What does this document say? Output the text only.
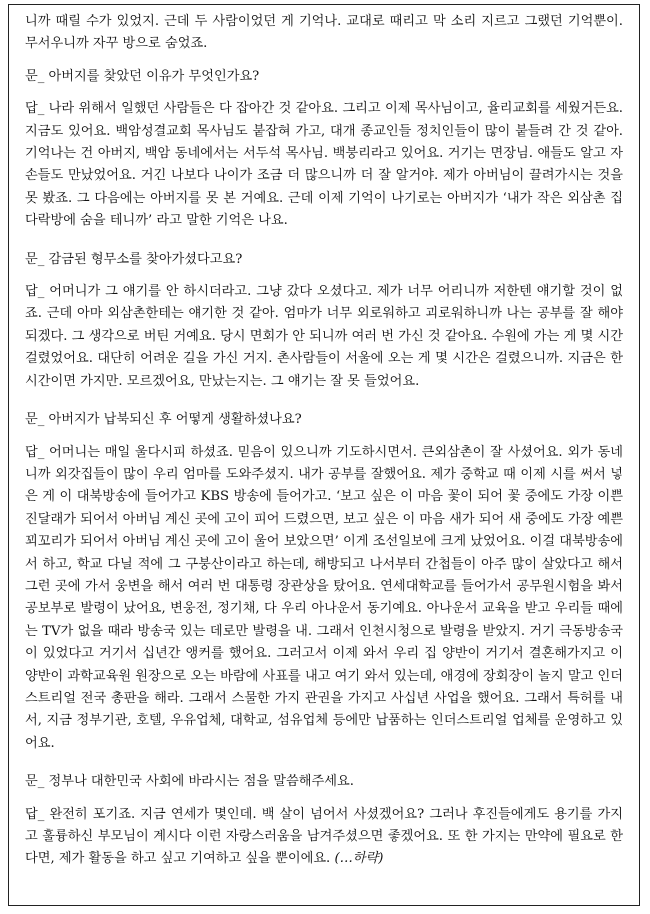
니까 때릴 수가 있었지. 근데 두 사람이었던 게 기억나. 교대로 때리고 막 소리 지르고 그랬던 기억뿐이. 무서우니까 자꾸 방으로 숨었죠.

문_ 아버지를 찾았던 이유가 무엇인가요?

답_ 나라 위해서 일했던 사람들은 다 잡아간 것 같아요. 그리고 이제 목사님이고, 율리교회를 세웠거든요. 지금도 있어요. 백암성결교회 목사님도 붙잡혀 가고, 대개 종교인들 정치인들이 많이 붙들려 간 것 같아. 기억나는 건 아버지, 백암 동네에서는 서두석 목사님. 백붕리라고 있어요. 거기는 면장님. 애들도 알고 자손들도 만났었어요. 거긴 나보다 나이가 조금 더 많으니까 더 잘 알거야. 제가 아버님이 끌려가시는 것을 못 봤죠. 그 다음에는 아버지를 못 본 거예요. 근데 이제 기억이 나기로는 아버지가 ‘내가 작은 외삼촌 집 다락방에 숨을 테니까’ 라고 말한 기억은 나요.

문_ 감금된 형무소를 찾아가셨다고요?

답_ 어머니가 그 얘기를 안 하시더라고. 그냥 갔다 오셨다고. 제가 너무 어리니까 저한텐 얘기할 것이 없죠. 근데 아마 외삼촌한테는 얘기한 것 같아. 엄마가 너무 외로워하고 괴로워하니까 나는 공부를 잘 해야 되겠다. 그 생각으로 버틴 거예요. 당시 면회가 안 되니까 여러 번 가신 것 같아요. 수원에 가는 게 몇 시간 걸렸었어요. 대단히 어려운 길을 가신 거지. 촌사람들이 서울에 오는 게 몇 시간은 걸렸으니까. 지금은 한 시간이면 가지만. 모르겠어요, 만났는지는. 그 얘기는 잘 못 들었어요.

문_ 아버지가 납북되신 후 어떻게 생활하셨나요?

답_ 어머니는 매일 울다시피 하셨죠. 믿음이 있으니까 기도하시면서. 큰외삼촌이 잘 사셨어요. 외가 동네니까 외갓집들이 많이 우리 엄마를 도와주셨지. 내가 공부를 잘했어요. 제가 중학교 때 이제 시를 써서 넣은 게 이 대북방송에 들어가고 KBS 방송에 들어가고. ‘보고 싶은 이 마음 꽃이 되어 꽃 중에도 가장 이쁜 진달래가 되어서 아버님 계신 곳에 고이 피어 드렸으면, 보고 싶은 이 마음 새가 되어 새 중에도 가장 예쁜 꾀꼬리가 되어서 아버님 계신 곳에 고이 울어 보았으면’ 이게 조선일보에 크게 났었어요. 이걸 대북방송에서 하고, 학교 다닐 적에 그 구붕산이라고 하는데, 해방되고 나서부터 간첩들이 아주 많이 살았다고 해서 그런 곳에 가서 웅변을 해서 여러 번 대통령 장관상을 탔어요. 연세대학교를 들어가서 공무원시험을 봐서 공보부로 발령이 났어요, 변웅전, 정기채, 다 우리 아나운서 동기예요. 아나운서 교육을 받고 우리들 때에는 TV가 없을 때라 방송국 있는 데로만 발령을 내. 그래서 인천시청으로 발령을 받았지. 거기 극동방송국이 있었다고 거기서 십년간 앵커를 했어요. 그러고서 이제 와서 우리 집 양반이 거기서 결혼해가지고 이 양반이 과학교육원 원장으로 오는 바람에 사표를 내고 여기 와서 있는데, 애경에 장회장이 놀지 말고 인더스트리얼 전국 총판을 해라. 그래서 스물한 가지 관권을 가지고 사십년 사업을 했어요. 그래서 특허를 내서, 지금 정부기관, 호텔, 우유업체, 대학교, 섬유업체 등에만 납품하는 인더스트리얼 업체를 운영하고 있어요.

문_ 정부나 대한민국 사회에 바라시는 점을 말씀해주세요.

답_ 완전히 포기죠. 지금 연세가 몇인데. 백 살이 넘어서 사셨겠어요? 그러나 후진들에게도 용기를 가지고 훌륭하신 부모님이 계시다 이런 자랑스러움을 남겨주셨으면 좋겠어요. 또 한 가지는 만약에 필요로 한다면, 제가 활동을 하고 싶고 기여하고 싶을 뿐이에요. (…하략)
